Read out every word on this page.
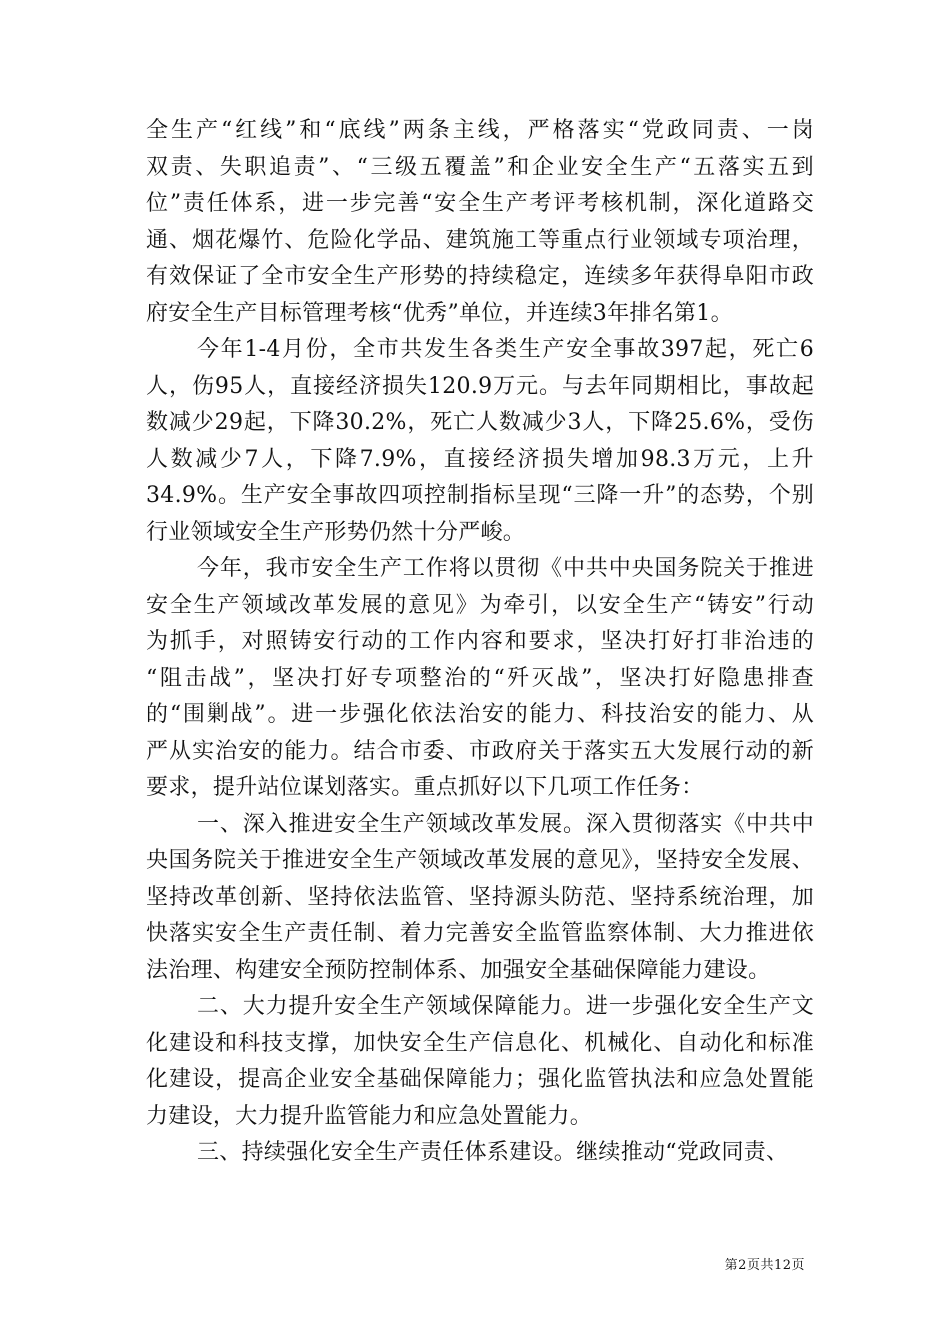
全生产“红线”和“底线”两条主线，严格落实“党政同责、一岗
双责、失职追责”、“三级五覆盖”和企业安全生产“五落实五到
位”责任体系，进一步完善“安全生产考评考核机制，深化道路交
通、烟花爆竹、危险化学品、建筑施工等重点行业领域专项治理，
有效保证了全市安全生产形势的持续稳定，连续多年获得阜阳市政
府安全生产目标管理考核“优秀”单位，并连续3年排名第1。
今年1-4月份，全市共发生各类生产安全事故397起，死亡6
人，伤95人，直接经济损失120.9万元。与去年同期相比，事故起
数减少29起，下降30.2%，死亡人数减少3人，下降25.6%，受伤
人数减少7人，下降7.9%，直接经济损失增加98.3万元，上升
34.9%。生产安全事故四项控制指标呈现“三降一升”的态势，个别
行业领域安全生产形势仍然十分严峻。
今年，我市安全生产工作将以贯彻《中共中央国务院关于推进
安全生产领域改革发展的意见》为牵引，以安全生产“铸安”行动
为抓手，对照铸安行动的工作内容和要求，坚决打好打非治违的
“阻击战”，坚决打好专项整治的“歼灭战”，坚决打好隐患排查
的“围剿战”。进一步强化依法治安的能力、科技治安的能力、从
严从实治安的能力。结合市委、市政府关于落实五大发展行动的新
要求，提升站位谋划落实。重点抓好以下几项工作任务：
一、深入推进安全生产领域改革发展。深入贯彻落实《中共中
央国务院关于推进安全生产领域改革发展的意见》，坚持安全发展、
坚持改革创新、坚持依法监管、坚持源头防范、坚持系统治理，加
快落实安全生产责任制、着力完善安全监管监察体制、大力推进依
法治理、构建安全预防控制体系、加强安全基础保障能力建设。
二、大力提升安全生产领域保障能力。进一步强化安全生产文
化建设和科技支撑，加快安全生产信息化、机械化、自动化和标准
化建设，提高企业安全基础保障能力；强化监管执法和应急处置能
力建设，大力提升监管能力和应急处置能力。
三、持续强化安全生产责任体系建设。继续推动“党政同责、
第2页共12页
